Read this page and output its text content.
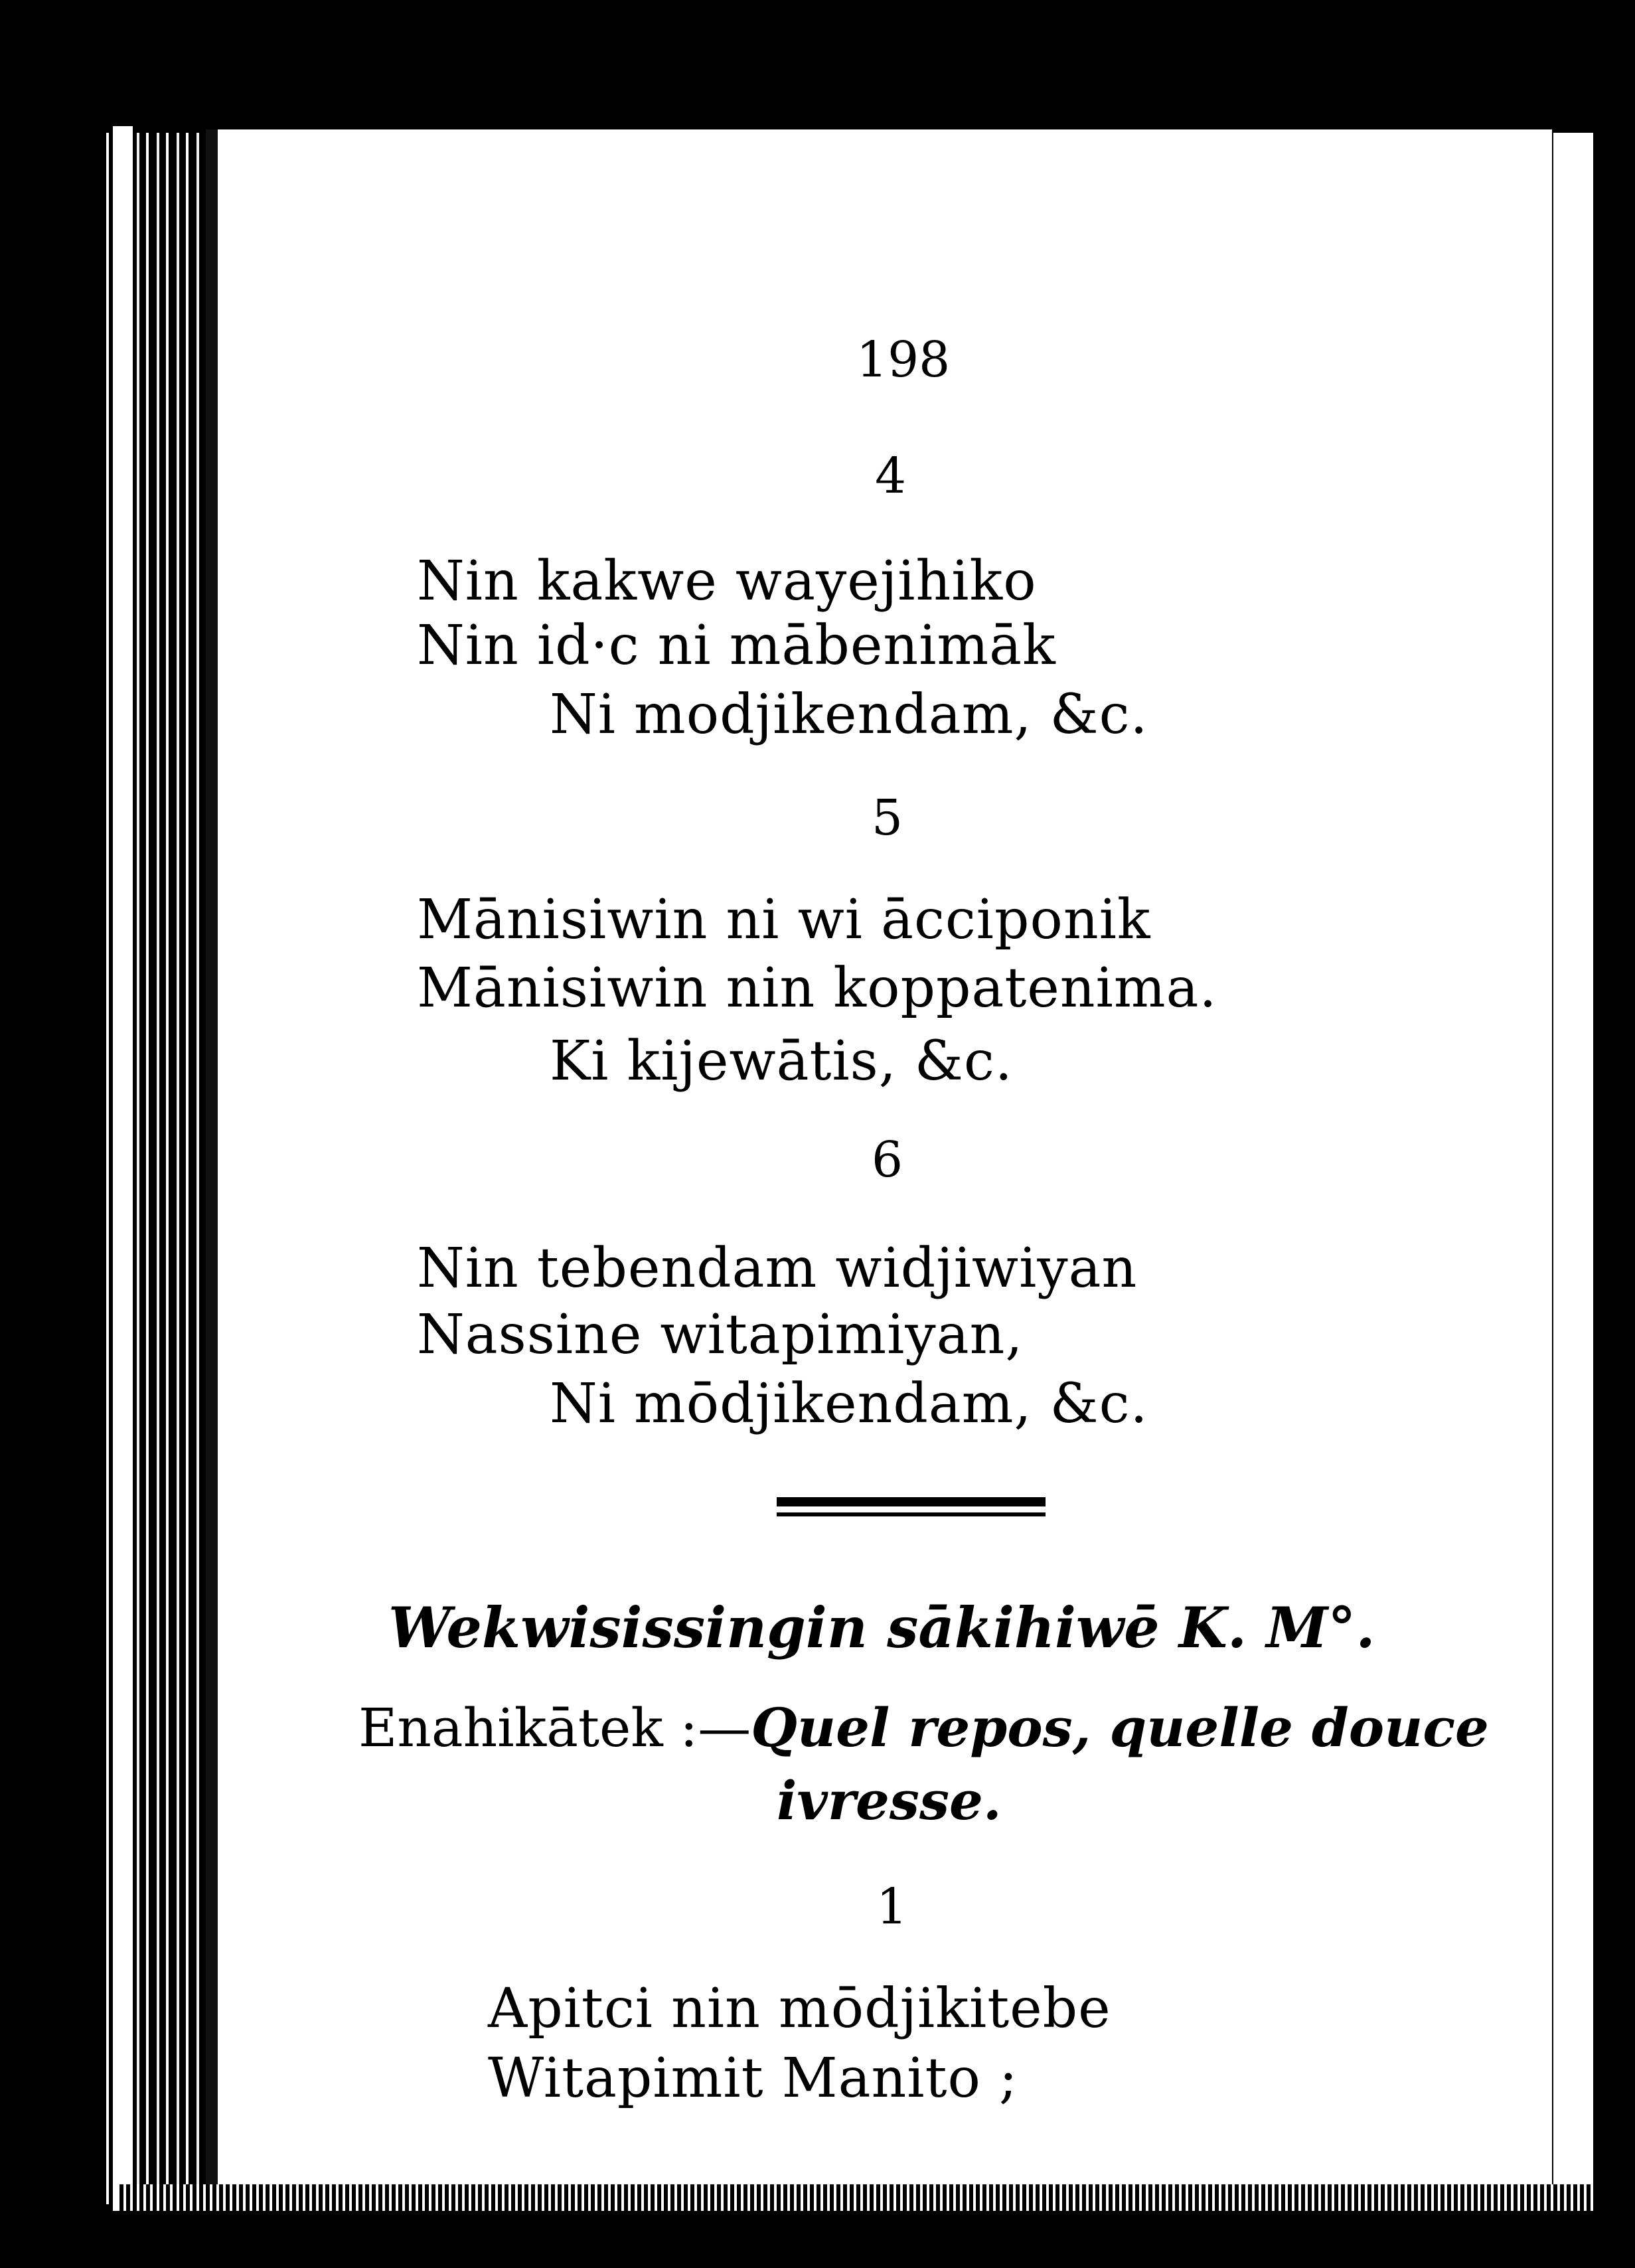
198
4
Nin kakwe wayejihiko
Nin id·c ni mābenimāk
Ni modjikendam, &c.
5
Mānisiwin ni wi ācciponik
Mānisiwin nin koppatenima.
Ki kijewātis, &c.
6
Nin tebendam widjiwiyan
Nassine witapimiyan,
Ni mōdjikendam, &c.
Wekwisissingin sākihiwē K. M°.
Enahikātek :—Quel repos, quelle douce
ivresse.
1
Apitci nin mōdjikitebe
Witapimit Manito ;
